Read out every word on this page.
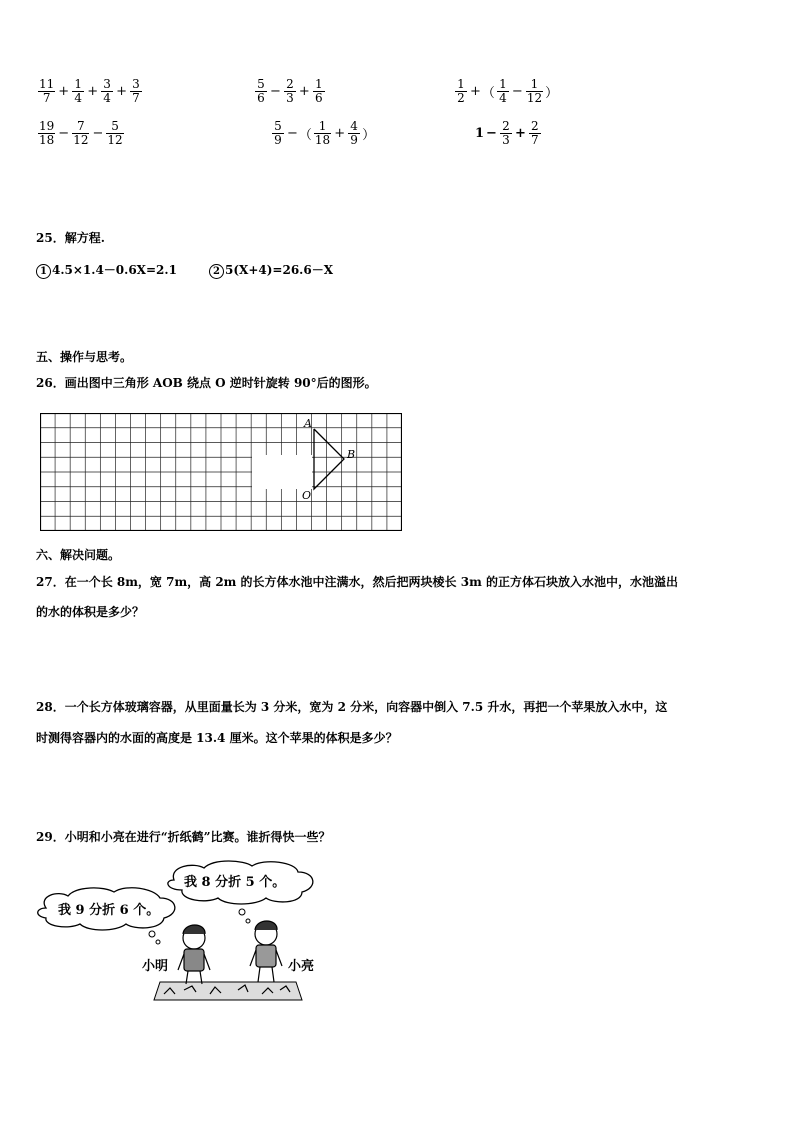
$\frac{11}{7} + \frac{1}{4} + \frac{3}{4} + \frac{3}{7}$	$\frac{5}{6} - \frac{2}{3} + \frac{1}{6}$	$\frac{1}{2}$ + （ $\frac{1}{4} - \frac{1}{12}$ ）
$\frac{19}{18} - \frac{7}{12} - \frac{5}{12}$	$\frac{5}{9}$ − （ $\frac{1}{18} + \frac{4}{9}$ ）	$1 - \frac{2}{3} + \frac{2}{7}$
25．解方程.
1 4.5×1.4－0.6X=2.1	2 5(X+4)=26.6－X
五、操作与思考。
26．画出图中三角形 AOB 绕点 O 逆时针旋转 90°后的图形。
A
B
O
六、解决问题。
27．在一个长 8m，宽 7m，高 2m 的长方体水池中注满水，然后把两块棱长 3m 的正方体石块放入水池中，水池溢出
的水的体积是多少？
28．一个长方体玻璃容器，从里面量长为 3 分米，宽为 2 分米，向容器中倒入 7.5 升水，再把一个苹果放入水中，这
时测得容器内的水面的高度是 13.4 厘米。这个苹果的体积是多少？
29．小明和小亮在进行“折纸鹤”比赛。谁折得快一些？
我 8 分折 5 个。
我 9 分折 6 个。
小明	小亮
